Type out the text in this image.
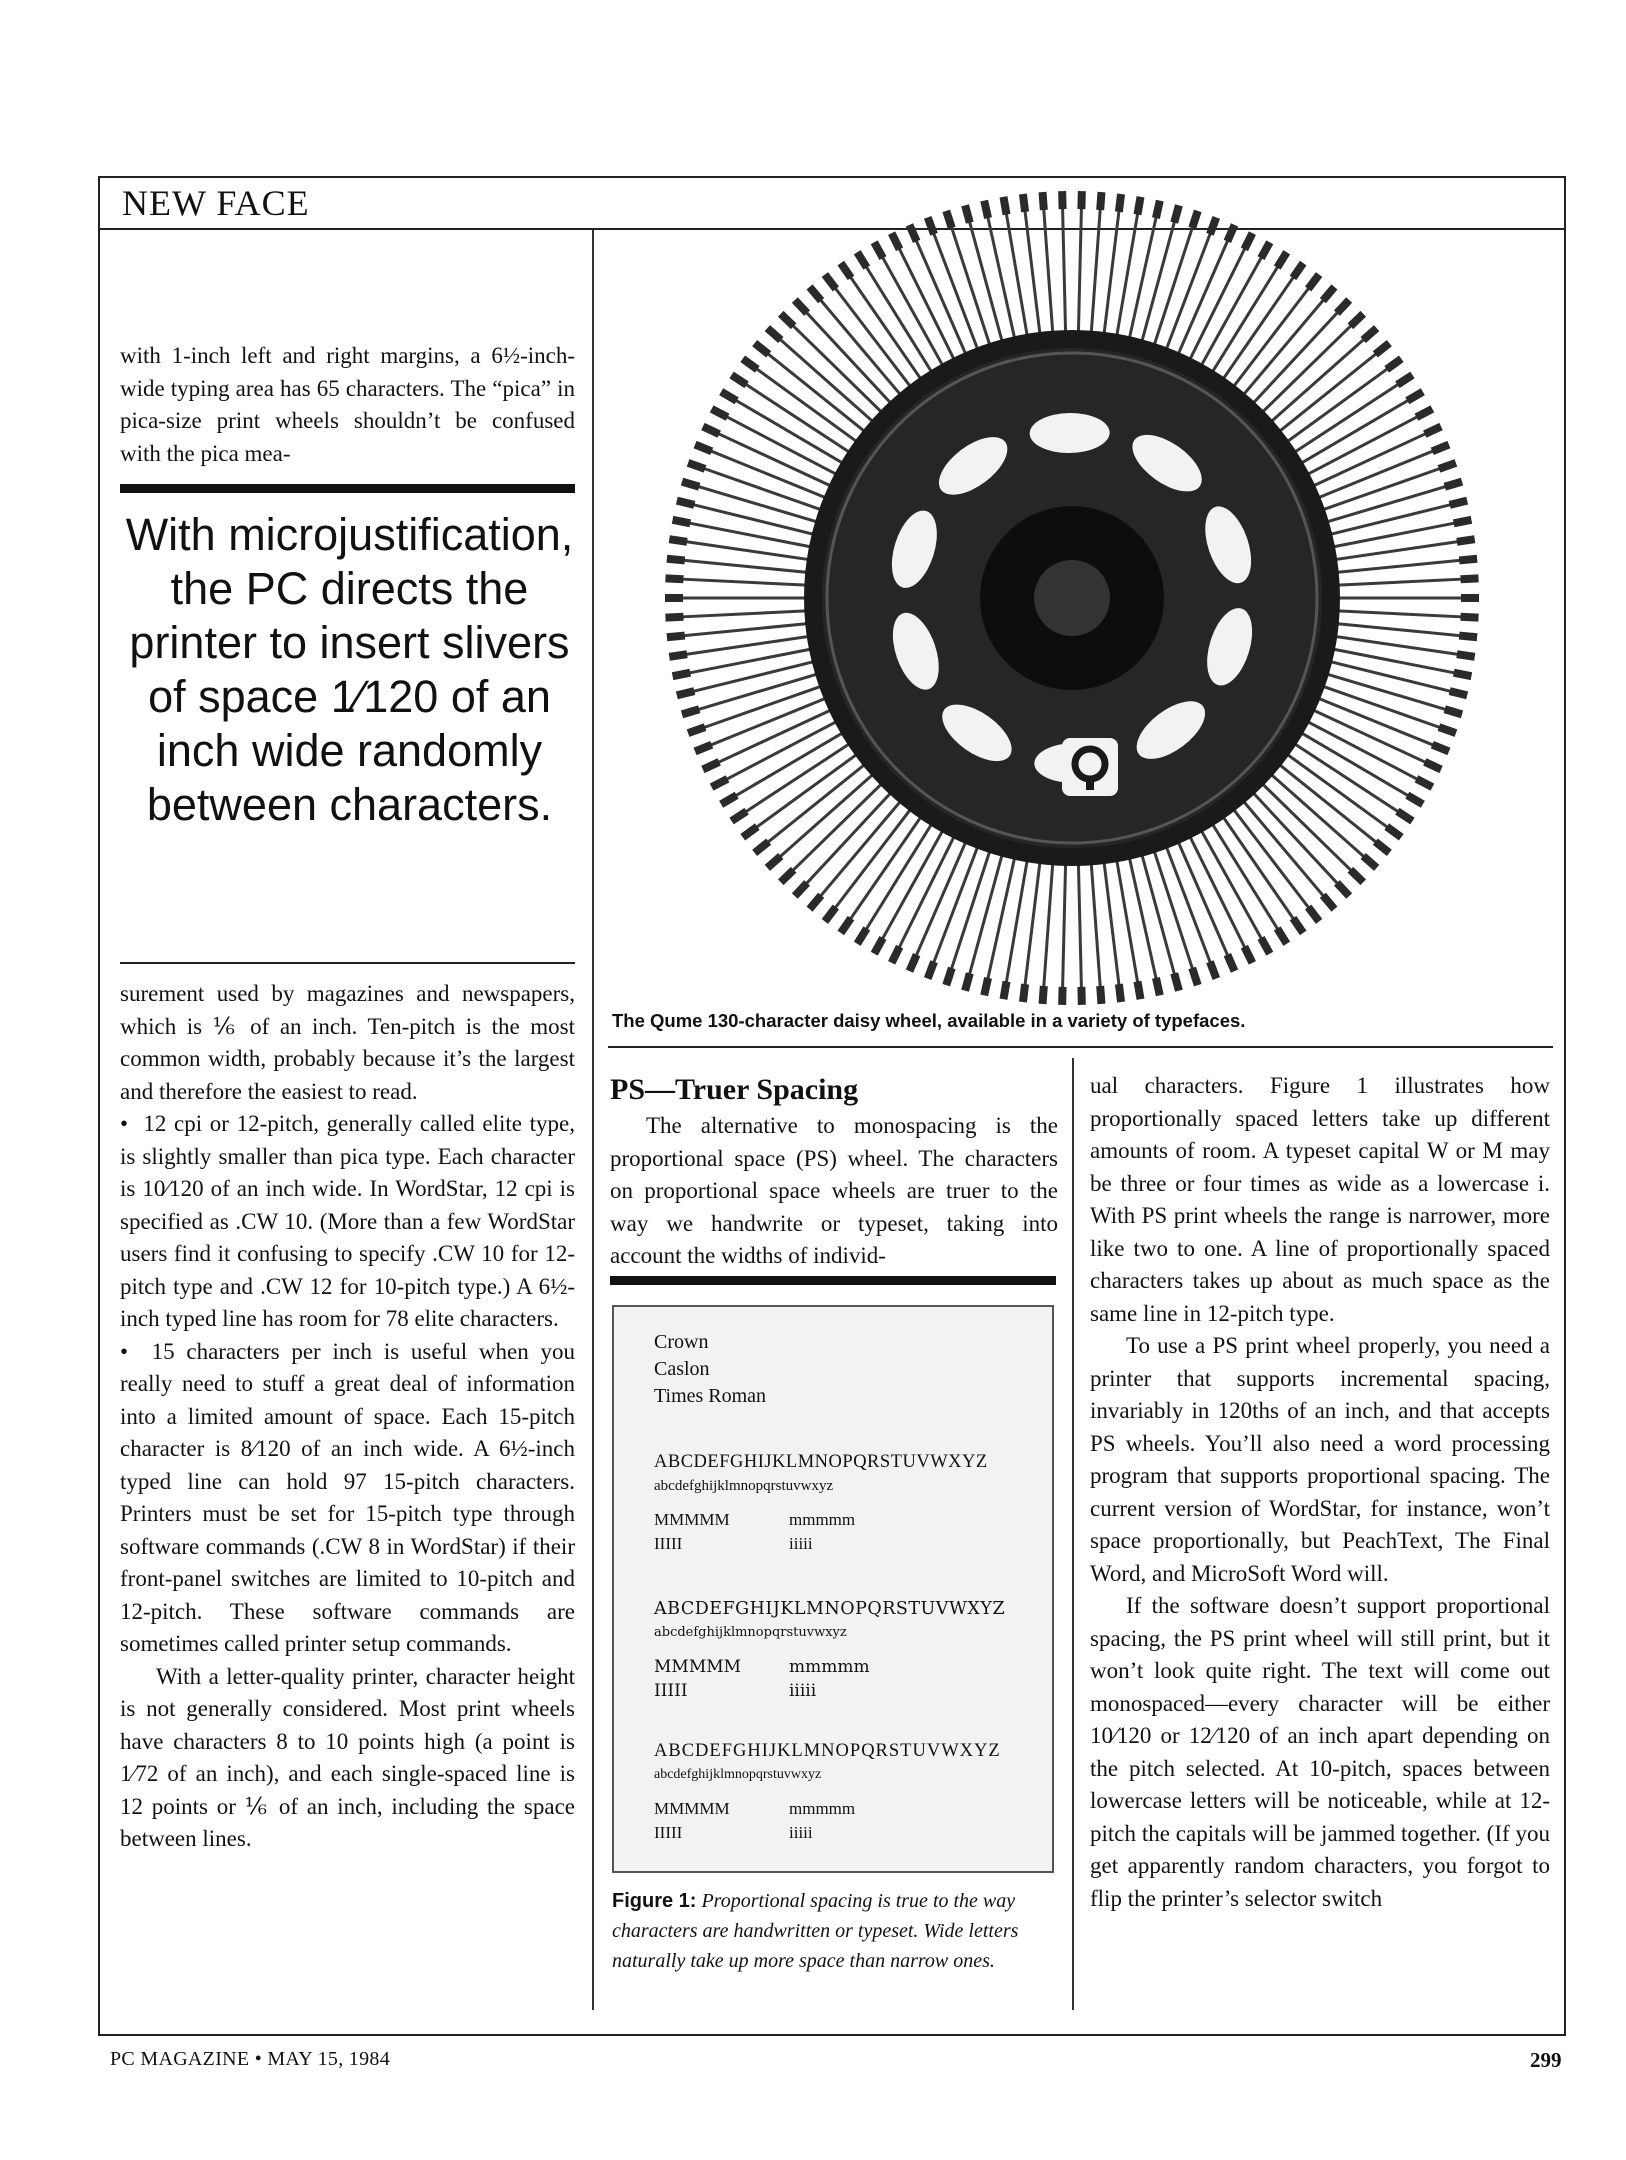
NEW FACE

with 1-inch left and right margins, a 6½-inch-wide typing area has 65 characters. The “pica” in pica-size print wheels shouldn’t be confused with the pica mea-

With microjustification, the PC directs the printer to insert slivers of space 1⁄120 of an inch wide randomly between characters.

surement used by magazines and newspapers, which is ⅙ of an inch. Ten-pitch is the most common width, probably because it’s the largest and therefore the easiest to read.

•  12 cpi or 12-pitch, generally called elite type, is slightly smaller than pica type. Each character is 10⁄120 of an inch wide. In WordStar, 12 cpi is specified as .CW 10. (More than a few WordStar users find it confusing to specify .CW 10 for 12-pitch type and .CW 12 for 10-pitch type.) A 6½-inch typed line has room for 78 elite characters.

•  15 characters per inch is useful when you really need to stuff a great deal of information into a limited amount of space. Each 15-pitch character is 8⁄120 of an inch wide. A 6½-inch typed line can hold 97 15-pitch characters. Printers must be set for 15-pitch type through software commands (.CW 8 in WordStar) if their front-panel switches are limited to 10-pitch and 12-pitch. These software commands are sometimes called printer setup commands.

With a letter-quality printer, character height is not generally considered. Most print wheels have characters 8 to 10 points high (a point is 1⁄72 of an inch), and each single-spaced line is 12 points or ⅙ of an inch, including the space between lines.

The Qume 130-character daisy wheel, available in a variety of typefaces.
PS—Truer Spacing

The alternative to monospacing is the proportional space (PS) wheel. The characters on proportional space wheels are truer to the way we handwrite or typeset, taking into account the widths of individ-

Crown
Caslon
Times Roman
ABCDEFGHIJKLMNOPQRSTUVWXYZ
abcdefghijklmnopqrstuvwxyz
MMMMM	mmmmm
IIIII	iiiii
ABCDEFGHIJKLMNOPQRSTUVWXYZ
abcdefghijklmnopqrstuvwxyz
MMMMM	mmmmm
IIIII	iiiii
ABCDEFGHIJKLMNOPQRSTUVWXYZ
abcdefghijklmnopqrstuvwxyz
MMMMM	mmmmm
IIIII	iiiii
Figure 1: Proportional spacing is true to the way characters are handwritten or typeset. Wide letters naturally take up more space than narrow ones.

ual characters. Figure 1 illustrates how proportionally spaced letters take up different amounts of room. A typeset capital W or M may be three or four times as wide as a lowercase i. With PS print wheels the range is narrower, more like two to one. A line of proportionally spaced characters takes up about as much space as the same line in 12-pitch type.

To use a PS print wheel properly, you need a printer that supports incremental spacing, invariably in 120ths of an inch, and that accepts PS wheels. You’ll also need a word processing program that supports proportional spacing. The current version of WordStar, for instance, won’t space proportionally, but PeachText, The Final Word, and MicroSoft Word will.

If the software doesn’t support proportional spacing, the PS print wheel will still print, but it won’t look quite right. The text will come out monospaced—every character will be either 10⁄120 or 12⁄120 of an inch apart depending on the pitch selected. At 10-pitch, spaces between lowercase letters will be noticeable, while at 12-pitch the capitals will be jammed together. (If you get apparently random characters, you forgot to flip the printer’s selector switch

PC MAGAZINE • MAY 15, 1984	299
